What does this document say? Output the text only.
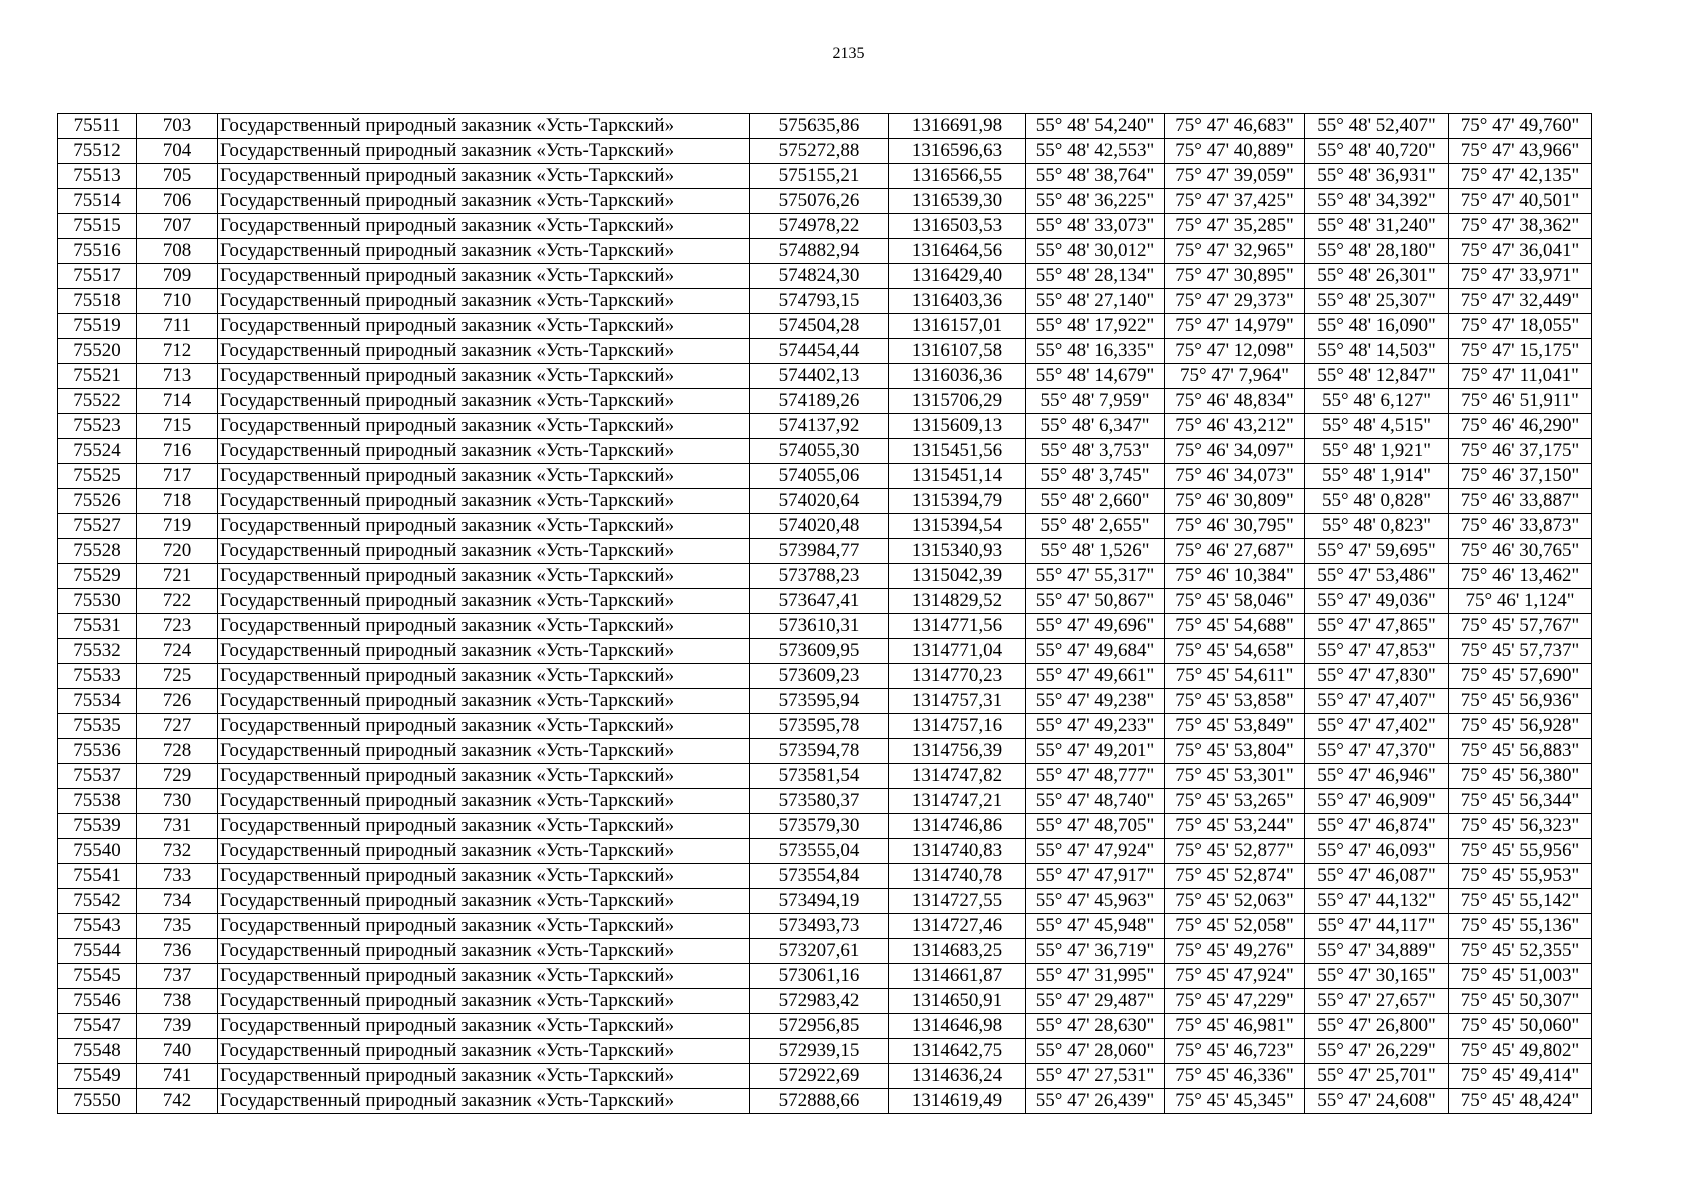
2135
75511	703	Государственный природный заказник «Усть-Таркский»	575635,86	1316691,98	55° 48' 54,240"	75° 47' 46,683"	55° 48' 52,407"	75° 47' 49,760"
75512	704	Государственный природный заказник «Усть-Таркский»	575272,88	1316596,63	55° 48' 42,553"	75° 47' 40,889"	55° 48' 40,720"	75° 47' 43,966"
75513	705	Государственный природный заказник «Усть-Таркский»	575155,21	1316566,55	55° 48' 38,764"	75° 47' 39,059"	55° 48' 36,931"	75° 47' 42,135"
75514	706	Государственный природный заказник «Усть-Таркский»	575076,26	1316539,30	55° 48' 36,225"	75° 47' 37,425"	55° 48' 34,392"	75° 47' 40,501"
75515	707	Государственный природный заказник «Усть-Таркский»	574978,22	1316503,53	55° 48' 33,073"	75° 47' 35,285"	55° 48' 31,240"	75° 47' 38,362"
75516	708	Государственный природный заказник «Усть-Таркский»	574882,94	1316464,56	55° 48' 30,012"	75° 47' 32,965"	55° 48' 28,180"	75° 47' 36,041"
75517	709	Государственный природный заказник «Усть-Таркский»	574824,30	1316429,40	55° 48' 28,134"	75° 47' 30,895"	55° 48' 26,301"	75° 47' 33,971"
75518	710	Государственный природный заказник «Усть-Таркский»	574793,15	1316403,36	55° 48' 27,140"	75° 47' 29,373"	55° 48' 25,307"	75° 47' 32,449"
75519	711	Государственный природный заказник «Усть-Таркский»	574504,28	1316157,01	55° 48' 17,922"	75° 47' 14,979"	55° 48' 16,090"	75° 47' 18,055"
75520	712	Государственный природный заказник «Усть-Таркский»	574454,44	1316107,58	55° 48' 16,335"	75° 47' 12,098"	55° 48' 14,503"	75° 47' 15,175"
75521	713	Государственный природный заказник «Усть-Таркский»	574402,13	1316036,36	55° 48' 14,679"	75° 47' 7,964"	55° 48' 12,847"	75° 47' 11,041"
75522	714	Государственный природный заказник «Усть-Таркский»	574189,26	1315706,29	55° 48' 7,959"	75° 46' 48,834"	55° 48' 6,127"	75° 46' 51,911"
75523	715	Государственный природный заказник «Усть-Таркский»	574137,92	1315609,13	55° 48' 6,347"	75° 46' 43,212"	55° 48' 4,515"	75° 46' 46,290"
75524	716	Государственный природный заказник «Усть-Таркский»	574055,30	1315451,56	55° 48' 3,753"	75° 46' 34,097"	55° 48' 1,921"	75° 46' 37,175"
75525	717	Государственный природный заказник «Усть-Таркский»	574055,06	1315451,14	55° 48' 3,745"	75° 46' 34,073"	55° 48' 1,914"	75° 46' 37,150"
75526	718	Государственный природный заказник «Усть-Таркский»	574020,64	1315394,79	55° 48' 2,660"	75° 46' 30,809"	55° 48' 0,828"	75° 46' 33,887"
75527	719	Государственный природный заказник «Усть-Таркский»	574020,48	1315394,54	55° 48' 2,655"	75° 46' 30,795"	55° 48' 0,823"	75° 46' 33,873"
75528	720	Государственный природный заказник «Усть-Таркский»	573984,77	1315340,93	55° 48' 1,526"	75° 46' 27,687"	55° 47' 59,695"	75° 46' 30,765"
75529	721	Государственный природный заказник «Усть-Таркский»	573788,23	1315042,39	55° 47' 55,317"	75° 46' 10,384"	55° 47' 53,486"	75° 46' 13,462"
75530	722	Государственный природный заказник «Усть-Таркский»	573647,41	1314829,52	55° 47' 50,867"	75° 45' 58,046"	55° 47' 49,036"	75° 46' 1,124"
75531	723	Государственный природный заказник «Усть-Таркский»	573610,31	1314771,56	55° 47' 49,696"	75° 45' 54,688"	55° 47' 47,865"	75° 45' 57,767"
75532	724	Государственный природный заказник «Усть-Таркский»	573609,95	1314771,04	55° 47' 49,684"	75° 45' 54,658"	55° 47' 47,853"	75° 45' 57,737"
75533	725	Государственный природный заказник «Усть-Таркский»	573609,23	1314770,23	55° 47' 49,661"	75° 45' 54,611"	55° 47' 47,830"	75° 45' 57,690"
75534	726	Государственный природный заказник «Усть-Таркский»	573595,94	1314757,31	55° 47' 49,238"	75° 45' 53,858"	55° 47' 47,407"	75° 45' 56,936"
75535	727	Государственный природный заказник «Усть-Таркский»	573595,78	1314757,16	55° 47' 49,233"	75° 45' 53,849"	55° 47' 47,402"	75° 45' 56,928"
75536	728	Государственный природный заказник «Усть-Таркский»	573594,78	1314756,39	55° 47' 49,201"	75° 45' 53,804"	55° 47' 47,370"	75° 45' 56,883"
75537	729	Государственный природный заказник «Усть-Таркский»	573581,54	1314747,82	55° 47' 48,777"	75° 45' 53,301"	55° 47' 46,946"	75° 45' 56,380"
75538	730	Государственный природный заказник «Усть-Таркский»	573580,37	1314747,21	55° 47' 48,740"	75° 45' 53,265"	55° 47' 46,909"	75° 45' 56,344"
75539	731	Государственный природный заказник «Усть-Таркский»	573579,30	1314746,86	55° 47' 48,705"	75° 45' 53,244"	55° 47' 46,874"	75° 45' 56,323"
75540	732	Государственный природный заказник «Усть-Таркский»	573555,04	1314740,83	55° 47' 47,924"	75° 45' 52,877"	55° 47' 46,093"	75° 45' 55,956"
75541	733	Государственный природный заказник «Усть-Таркский»	573554,84	1314740,78	55° 47' 47,917"	75° 45' 52,874"	55° 47' 46,087"	75° 45' 55,953"
75542	734	Государственный природный заказник «Усть-Таркский»	573494,19	1314727,55	55° 47' 45,963"	75° 45' 52,063"	55° 47' 44,132"	75° 45' 55,142"
75543	735	Государственный природный заказник «Усть-Таркский»	573493,73	1314727,46	55° 47' 45,948"	75° 45' 52,058"	55° 47' 44,117"	75° 45' 55,136"
75544	736	Государственный природный заказник «Усть-Таркский»	573207,61	1314683,25	55° 47' 36,719"	75° 45' 49,276"	55° 47' 34,889"	75° 45' 52,355"
75545	737	Государственный природный заказник «Усть-Таркский»	573061,16	1314661,87	55° 47' 31,995"	75° 45' 47,924"	55° 47' 30,165"	75° 45' 51,003"
75546	738	Государственный природный заказник «Усть-Таркский»	572983,42	1314650,91	55° 47' 29,487"	75° 45' 47,229"	55° 47' 27,657"	75° 45' 50,307"
75547	739	Государственный природный заказник «Усть-Таркский»	572956,85	1314646,98	55° 47' 28,630"	75° 45' 46,981"	55° 47' 26,800"	75° 45' 50,060"
75548	740	Государственный природный заказник «Усть-Таркский»	572939,15	1314642,75	55° 47' 28,060"	75° 45' 46,723"	55° 47' 26,229"	75° 45' 49,802"
75549	741	Государственный природный заказник «Усть-Таркский»	572922,69	1314636,24	55° 47' 27,531"	75° 45' 46,336"	55° 47' 25,701"	75° 45' 49,414"
75550	742	Государственный природный заказник «Усть-Таркский»	572888,66	1314619,49	55° 47' 26,439"	75° 45' 45,345"	55° 47' 24,608"	75° 45' 48,424"
